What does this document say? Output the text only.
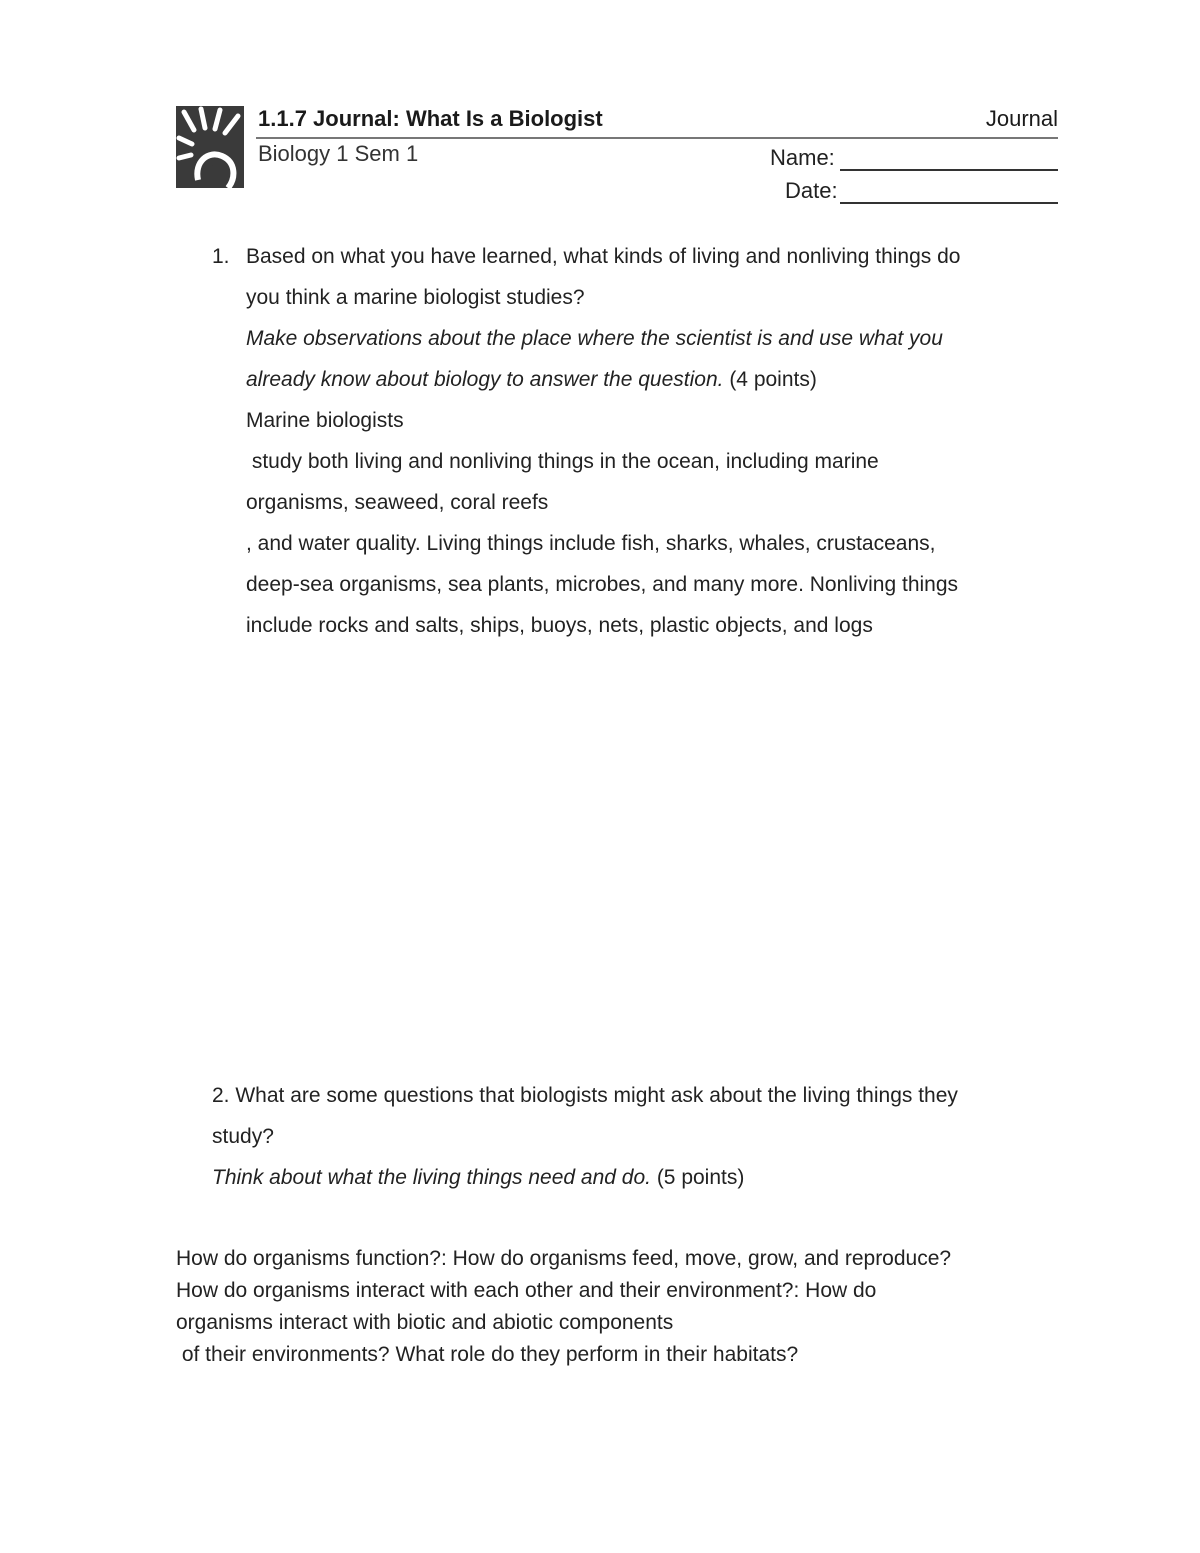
1.1.7 Journal: What Is a Biologist	Journal
Biology 1 Sem 1	Name:
Date:
1. Based on what you have learned, what kinds of living and nonliving things do
you think a marine biologist studies?
Make observations about the place where the scientist is and use what you
already know about biology to answer the question. (4 points)
Marine biologists
study both living and nonliving things in the ocean, including marine
organisms, seaweed, coral reefs
, and water quality. Living things include fish, sharks, whales, crustaceans,
deep-sea organisms, sea plants, microbes, and many more. Nonliving things
include rocks and salts, ships, buoys, nets, plastic objects, and logs
2. What are some questions that biologists might ask about the living things they
study?
Think about what the living things need and do. (5 points)
How do organisms function?: How do organisms feed, move, grow, and reproduce?
How do organisms interact with each other and their environment?: How do
organisms interact with biotic and abiotic components
of their environments? What role do they perform in their habitats?
